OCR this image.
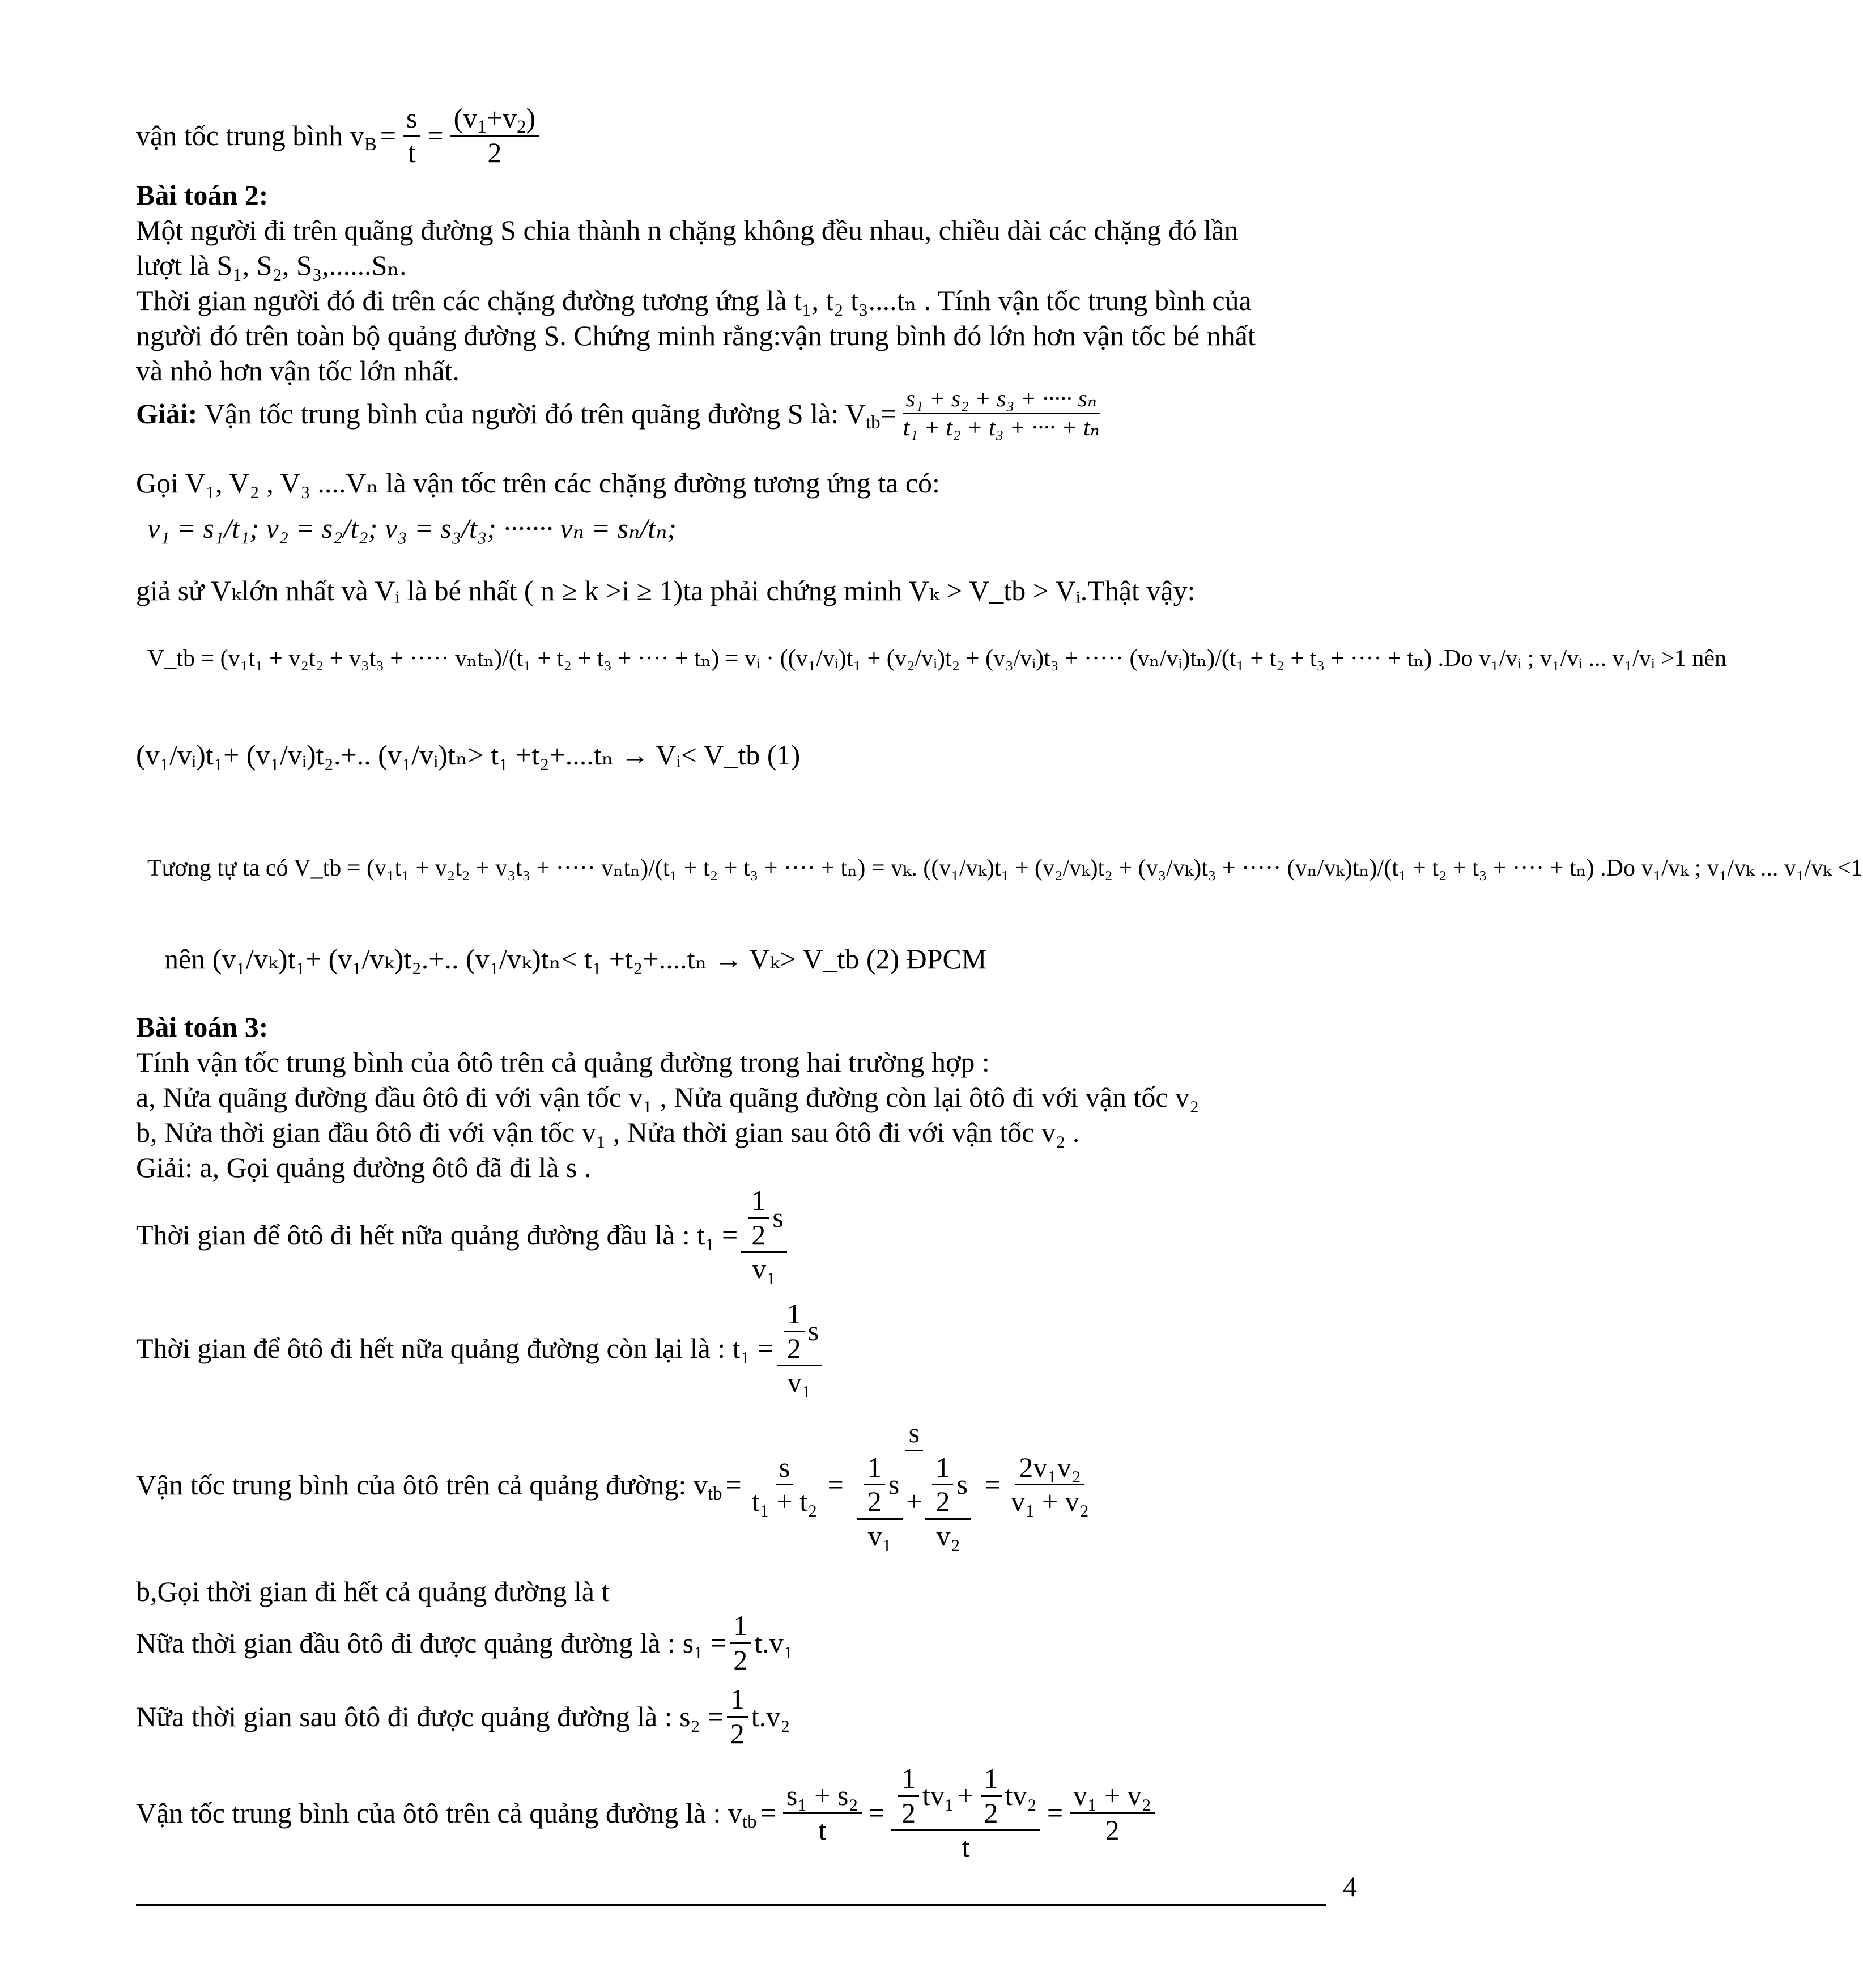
vận tốc trung bình $v_B = \frac{s}{t} = \frac{(v_1+v_2)}{2}$
Bài toán 2:
Một người đi trên quãng đường S chia thành n chặng không đều nhau, chiều dài các chặng đó lần
lượt là S₁, S₂, S₃,......Sₙ.
Thời gian người đó đi trên các chặng đường tương ứng là t₁, t₂ t₃....tₙ . Tính vận tốc trung bình của
người đó trên toàn bộ quảng đường S. Chứng minh rằng:vận trung bình đó lớn hơn vận tốc bé nhất
và nhỏ hơn vận tốc lớn nhất.
Giải:
Vận tốc trung bình của người đó trên quãng đường S là: $V_{tb}= \frac{\text{s₁ + s₂ + s₃ + ····· sₙ}}{\text{t₁ + t₂ + t₃ + ···· + tₙ}}$
Gọi V₁, V₂ , V₃ ....Vₙ là vận tốc trên các chặng đường tương ứng ta có:
v₁ = s₁/t₁; v₂ = s₂/t₂; v₃ = s₃/t₃; ······· vₙ = sₙ/tₙ;
giả sử Vₖlớn nhất và Vᵢ là bé nhất ( n ≥ k >i ≥ 1)ta phải chứng minh Vₖ > V_tb > Vᵢ.Thật vậy:
V_tb = (v₁t₁ + v₂t₂ + v₃t₃ + ····· vₙtₙ)/(t₁ + t₂ + t₃ + ···· + tₙ) = vᵢ · ((v₁/vᵢ)t₁ + (v₂/vᵢ)t₂ + (v₃/vᵢ)t₃ + ····· (vₙ/vᵢ)tₙ)/(t₁ + t₂ + t₃ + ···· + tₙ) .Do v₁/vᵢ ; v₁/vᵢ ... v₁/vᵢ >1 nên
(v₁/vᵢ)t₁+ (v₁/vᵢ)t₂.+.. (v₁/vᵢ)tₙ> t₁ +t₂+....tₙ → Vᵢ< V_tb (1)
Tương tự ta có V_tb = (v₁t₁ + v₂t₂ + v₃t₃ + ····· vₙtₙ)/(t₁ + t₂ + t₃ + ···· + tₙ) = vₖ. ((v₁/vₖ)t₁ + (v₂/vₖ)t₂ + (v₃/vₖ)t₃ + ····· (vₙ/vₖ)tₙ)/(t₁ + t₂ + t₃ + ···· + tₙ) .Do v₁/vₖ ; v₁/vₖ ... v₁/vₖ <1
nên (v₁/vₖ)t₁+ (v₁/vₖ)t₂.+.. (v₁/vₖ)tₙ< t₁ +t₂+....tₙ → Vₖ> V_tb (2) ĐPCM
Bài toán 3:
Tính vận tốc trung bình của ôtô trên cả quảng đường trong hai trường hợp :
a, Nửa quãng đường đầu ôtô đi với vận tốc v₁ , Nửa quãng đường còn lại ôtô đi với vận tốc v₂
b, Nửa thời gian đầu ôtô đi với vận tốc v₁ , Nửa thời gian sau ôtô đi với vận tốc v₂ .
Giải: a, Gọi quảng đường ôtô đã đi là s .
Thời gian để ôtô đi hết nữa quảng đường đầu là :
$t_1 = \frac{\frac{1}{2} s}{\text{v₁}}$
Thời gian để ôtô đi hết nữa quảng đường còn lại là :
$t_1 = \frac{\frac{1}{2} s}{\text{v₁}}$
Vận tốc trung bình của ôtô trên cả quảng đường:
$v_{tb} = \frac{s}{\text{t₁ + t₂}} = \frac{s}{\frac{\frac{1}{2} s}{\text{v₁}} + \frac{\frac{1}{2} s}{\text{v₂}}} = \frac{\text{2v₁v₂}}{\text{v₁ + v₂}}$
b,Gọi thời gian đi hết cả quảng đường là t
Nữa thời gian đầu ôtô đi được quảng đường là :
$s_1 = \frac{1}{2} t.v_1$
Nữa thời gian sau ôtô đi được quảng đường là :
$s_2 = \frac{1}{2} t.v_2$
Vận tốc trung bình của ôtô trên cả quảng đường là :
$v_{tb} = \frac{\text{s₁ + s₂}}{t} = \frac{\frac{1}{2} tv_1 + \frac{1}{2} tv_2}{t} = \frac{\text{v₁ + v₂}}{2}$
4
